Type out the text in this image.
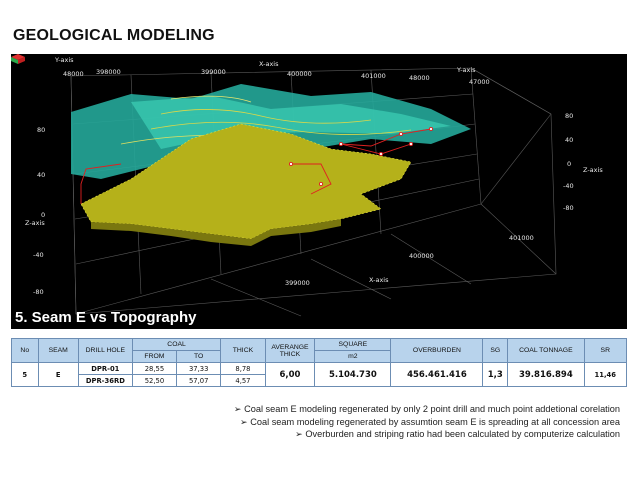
GEOLOGICAL MODELING
Y-axis	X-axis
Y-axis
398000	399000	400000	401000
48000	48000	47000
80
40
0
-40
-80
Z-axis
80
40
0
-40
-80
Z-axis
399000
400000
401000
X-axis
5. Seam E vs Topography
No	SEAM	DRILL HOLE	COAL		THICK	AVERANGE THICK	SQUARE	OVERBURDEN	SG	COAL TONNAGE	SR
			FROM	TO			m2				
5	E	DPR-01	28,55	37,33	8,78	6,00	5.104.730	456.461.416	1,3	39.816.894	11,46
		DPR-36RD	52,50	57,07	4,57						
➢ Coal seam E modeling regenerated by only 2 point drill and much point addetional corelation
➢ Coal seam modeling regenerated by assumtion seam E is spreading at all concession area
➢ Overburden and striping ratio had been calculated by computerize calculation
